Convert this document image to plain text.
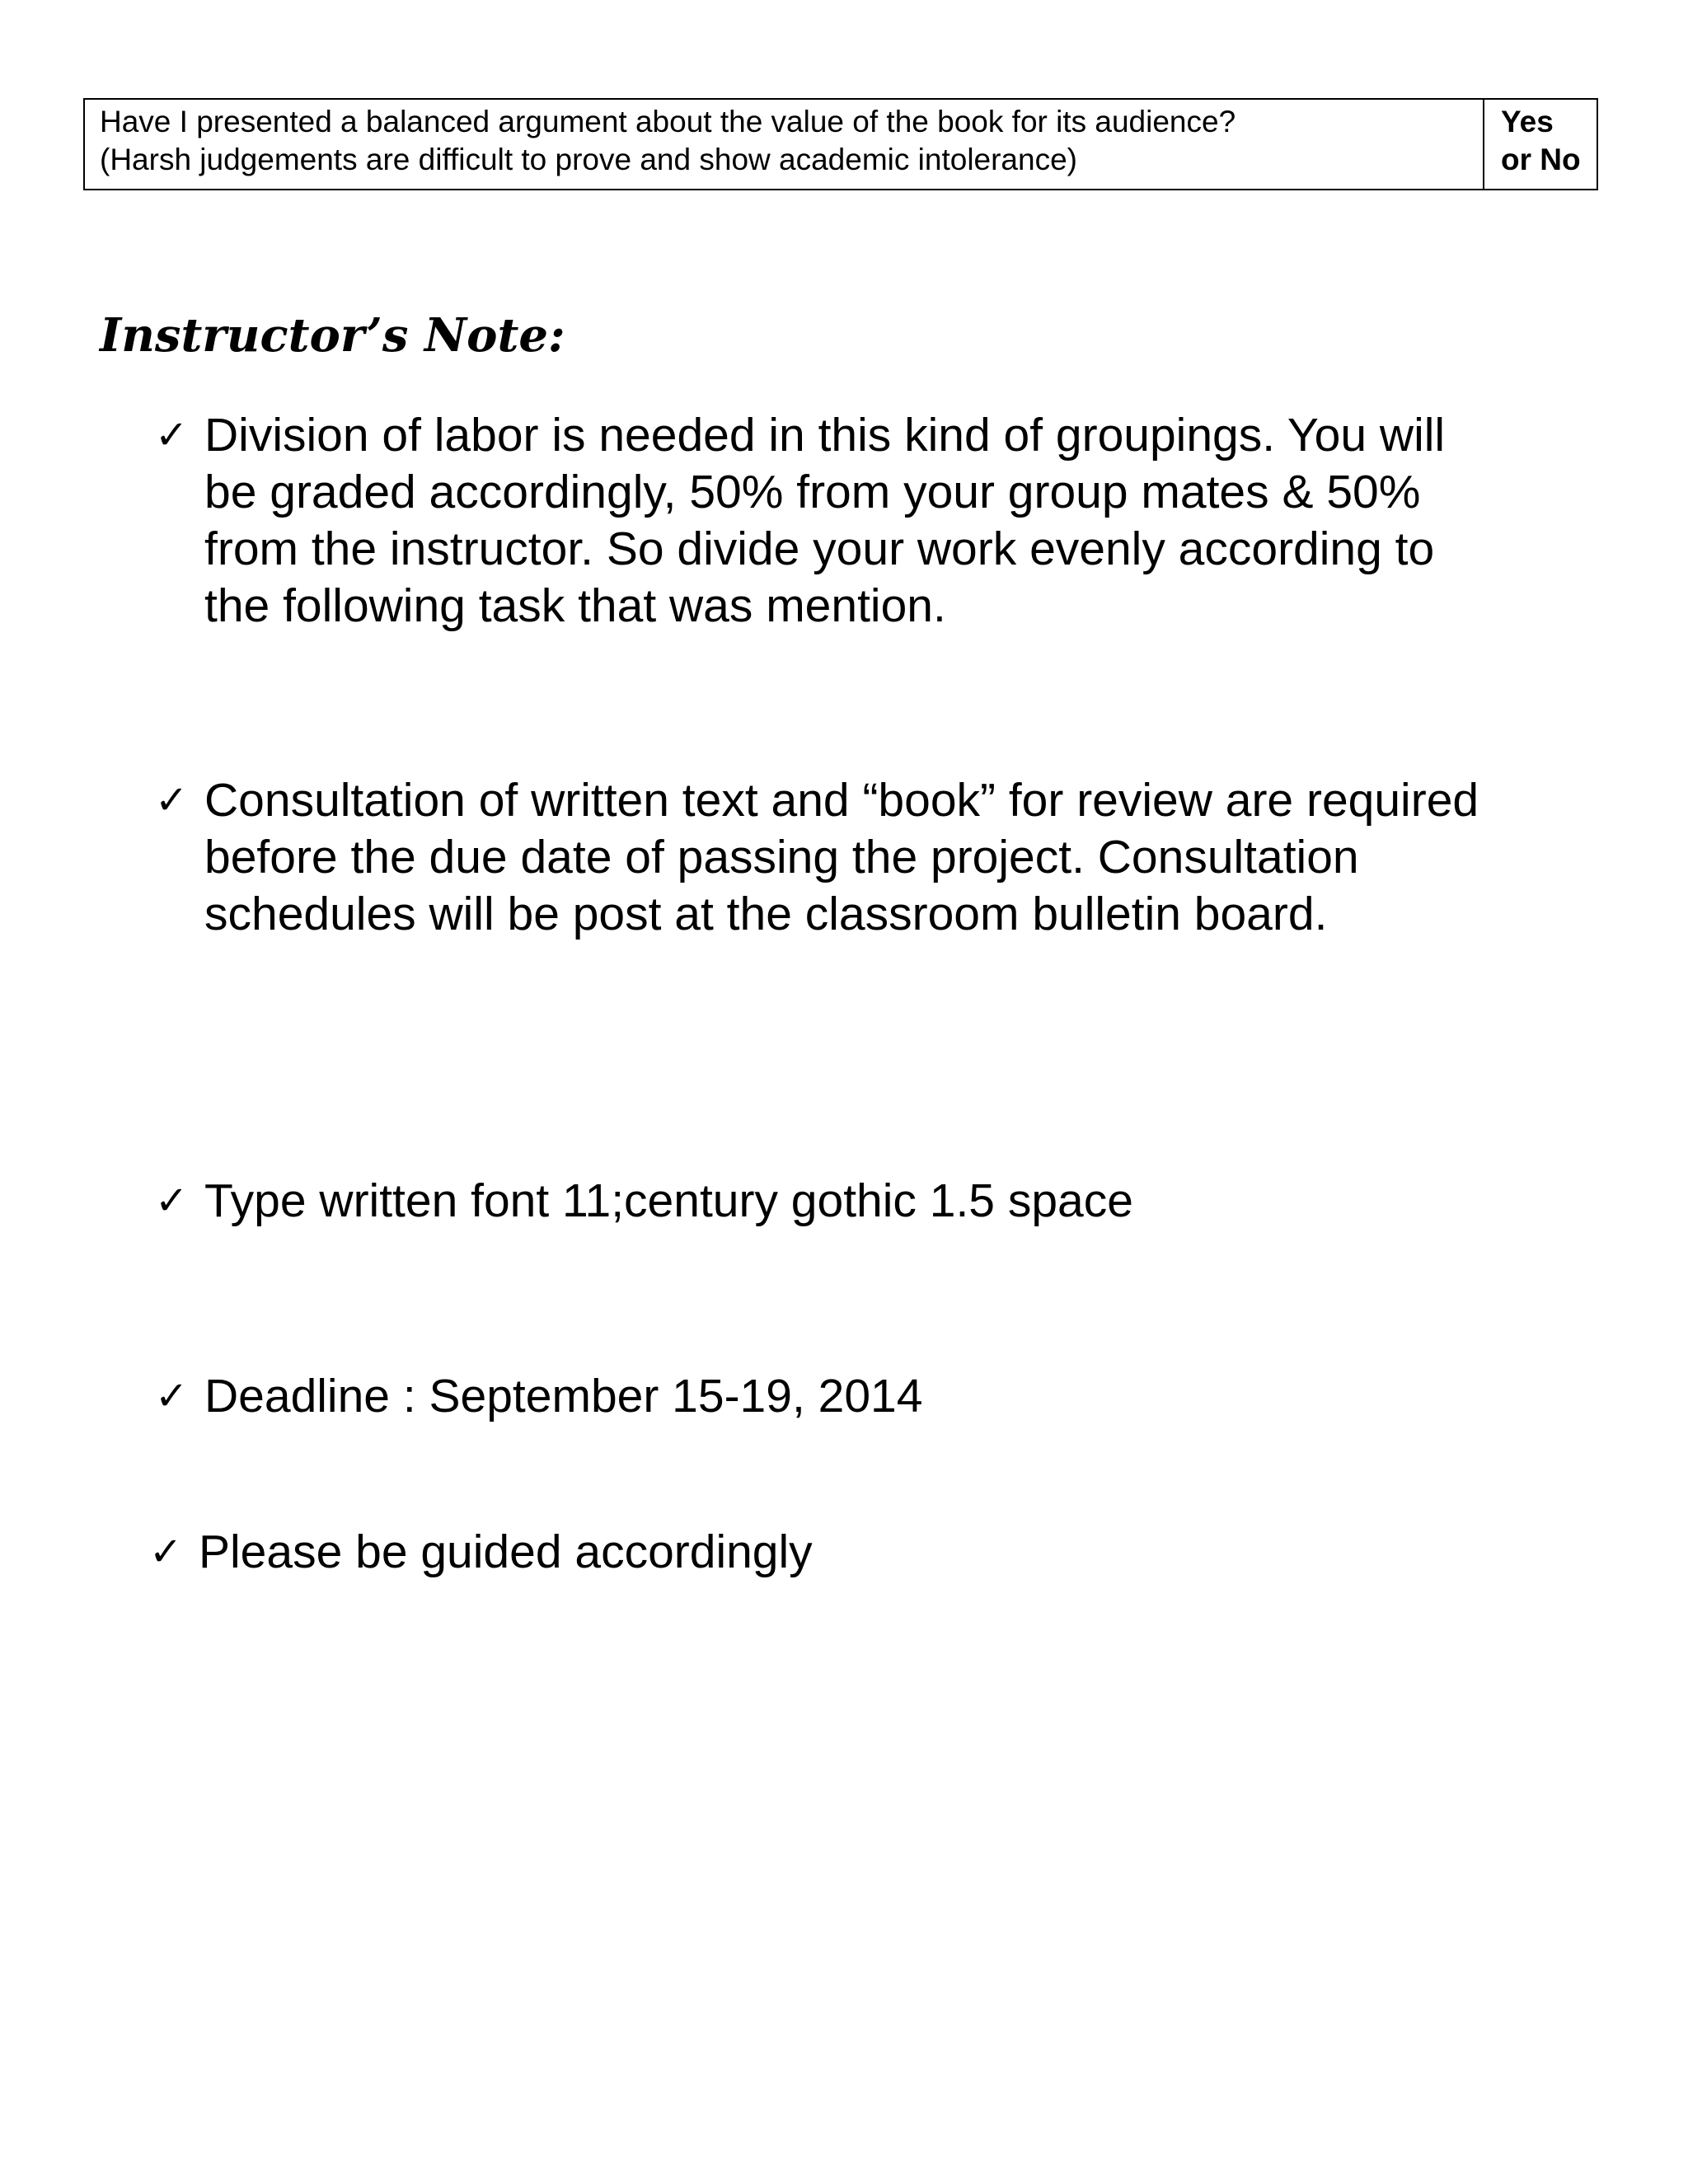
Have I presented a balanced argument about the value of the book for its audience?
(Harsh judgements are difficult to prove and show academic intolerance)
	Yes or No
Instructor’s Note:
✓ Division of labor is needed in this kind of groupings. You will
be graded accordingly, 50% from your group mates & 50%
from the instructor. So divide your work evenly according to
the following task that was mention.
✓ Consultation of written text and “book” for review are required
before the due date of passing the project. Consultation
schedules will be post at the classroom bulletin board.
✓ Type written font 11;century gothic 1.5 space
✓ Deadline : September 15-19, 2014
✓ Please be guided accordingly
